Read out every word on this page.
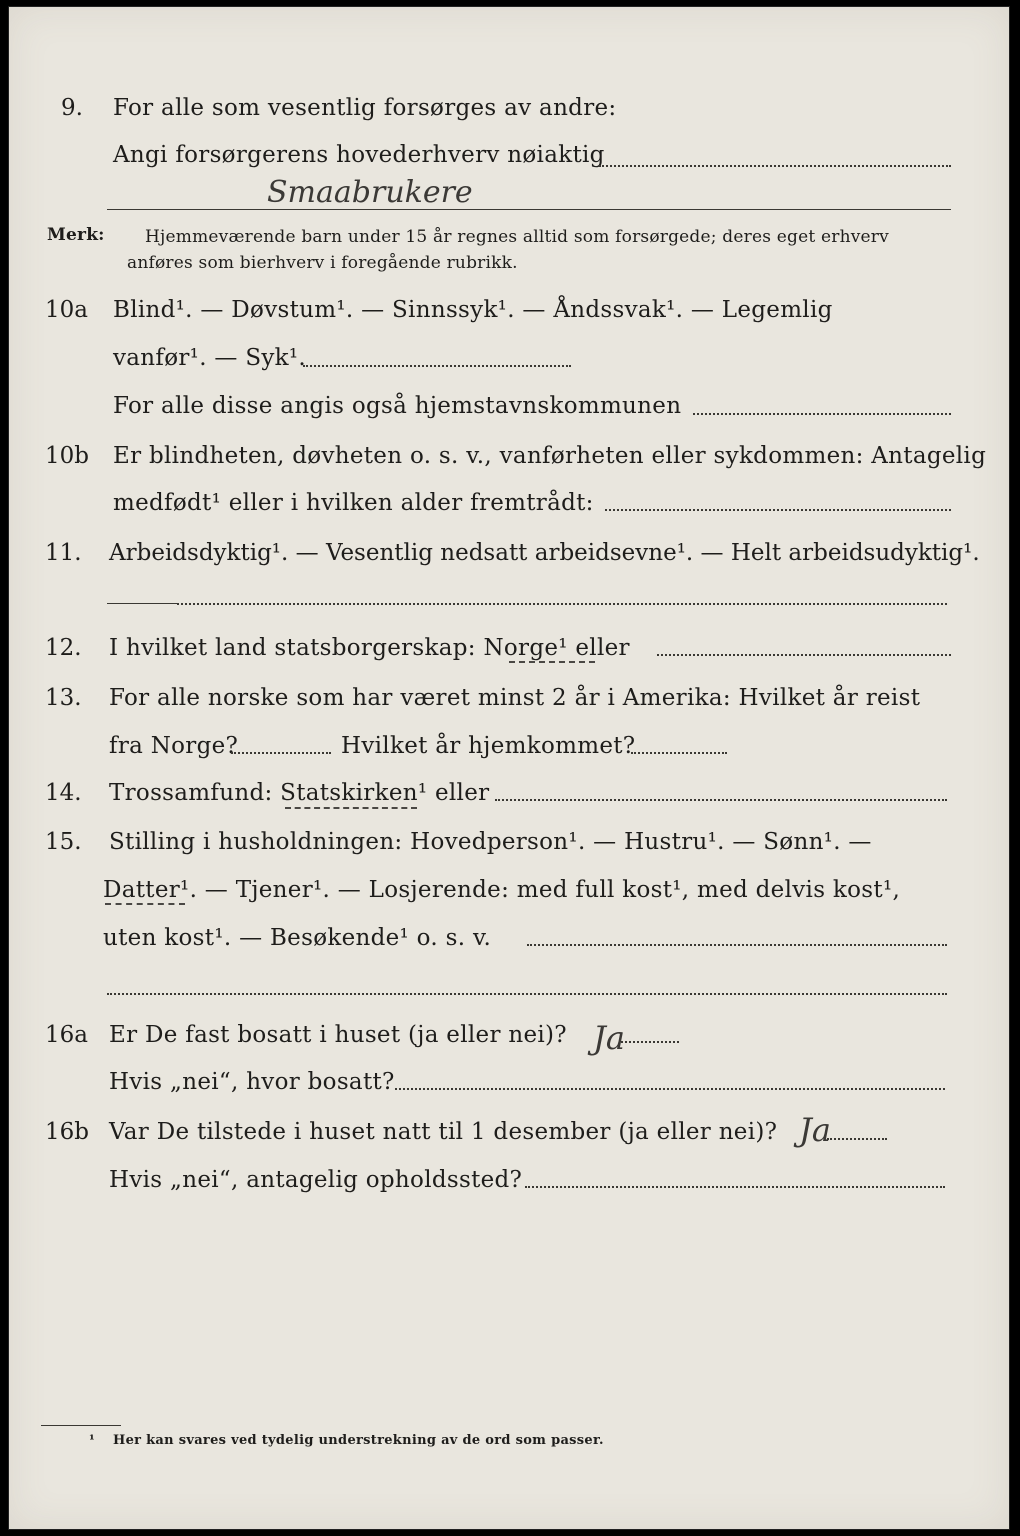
9. For alle som vesentlig forsørges av andre:
Angi forsørgerens hovederhverv nøiaktig
Smaabrukere
Merk: Hjemmeværende barn under 15 år regnes alltid som forsørgede; deres eget erhverv
anføres som bierhverv i foregående rubrikk.
10a Blind¹. — Døvstum¹. — Sinnssyk¹. — Åndssvak¹. — Legemlig
vanfør¹. — Syk¹.
For alle disse angis også hjemstavnskommunen
10b Er blindheten, døvheten o. s. v., vanførheten eller sykdommen: Antagelig
medfødt¹ eller i hvilken alder fremtrådt:
11. Arbeidsdyktig¹. — Vesentlig nedsatt arbeidsevne¹. — Helt arbeidsudyktig¹.
12. I hvilket land statsborgerskap: Norge¹ eller
13. For alle norske som har været minst 2 år i Amerika: Hvilket år reist
fra Norge?	Hvilket år hjemkommet?
14. Trossamfund: Statskirken¹ eller
15. Stilling i husholdningen: Hovedperson¹. — Hustru¹. — Sønn¹. —
Datter¹. — Tjener¹. — Losjerende: med full kost¹, med delvis kost¹,
uten kost¹. — Besøkende¹ o. s. v.
16a Er De fast bosatt i huset (ja eller nei)? Ja
Hvis „nei“, hvor bosatt?
16b Var De tilstede i huset natt til 1 desember (ja eller nei)? Ja
Hvis „nei“, antagelig opholdssted?
¹ Her kan svares ved tydelig understrekning av de ord som passer.
